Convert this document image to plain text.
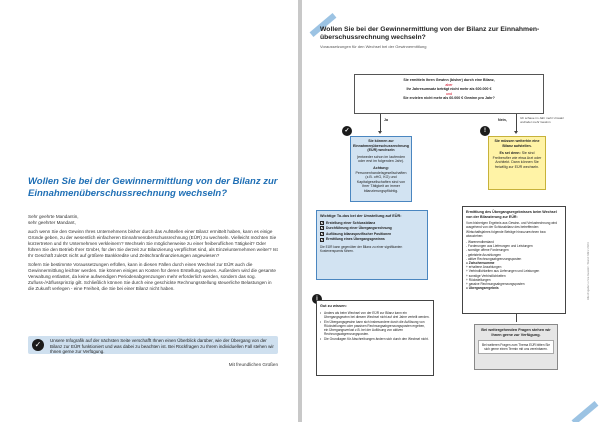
Wollen Sie bei der Gewinnermittlung von der Bilanz zur Einnahmenüberschussrechnung wechseln?

Sehr geehrte Mandantin,

sehr geehrter Mandant,

auch wenn Sie den Gewinn Ihres Unternehmens bisher durch das Aufstellen einer Bilanz ermittelt haben, kann es einige Gründe geben, zu der wesentlich einfacheren Einnahmenüberschussrechnung (EÜR) zu wechseln. Vielleicht möchten Sie kürzertreten und Ihr Unternehmen verkleinern? Wechseln Sie möglicherweise zu einer freiberuflichen Tätigkeit? Oder führen Sie den Betrieb Ihrer GmbH, für den Sie derzeit zur Bilanzierung verpflichtet sind, als Einzelunternehmen weiter? Ist Ihr Geschäft zuletzt nicht auf größere Bankkredite und Zeitschranfinanzierungen angewiesen?

Sofern Sie bestimmte Voraussetzungen erfüllen, kann in diesen Fällen durch einen Wechsel zur EÜR auch die Gewinnermittlung leichter werden. Sie können einiges an Kosten für deren Erstellung sparen. Außerdem wird die gesamte Verwaltung entlastet, da keine aufwendigen Periodenabgrenzungen mehr erforderlich werden, sondern das sog. Zufluss-/Abflussprinzip gilt. Schließlich können Sie durch eine geschickte Rechnungsstellung steuerliche Belastungen in die Zukunft verlegen - eine Freiheit, die Sie bei einer Bilanz nicht haben.

✓	Unsere Infografik auf der nächsten Seite verschafft Ihnen einen Überblick darüber, wie der Übergang von der Bilanz zur EÜR funktioniert und was dabei zu beachten ist. Bei Rückfragen zu Ihrem individuellen Fall stehen wir Ihnen gerne zur Verfügung.
Mit freundlichen Grüßen
Wollen Sie bei der Gewinnermittlung von der Bilanz zur Einnahmen-überschussrechnung wechseln?
Voraussetzungen für den Wechsel bei der Gewinnermittlung
Sie ermitteln Ihren Gewinn (bisher) durch eine Bilanz,
aber
Ihr Jahresumsatz beträgt nicht mehr als 600.000 €
und
Sie erzielen nicht mehr als 60.000 € Gewinn pro Jahr?
Ja	Nein,	Ich schaue im Jahr mehr Umsatz und/oder mehr Gewinn
✓	!
Sie können zur Einnahmenüberschussrechnung (EÜR) wechseln
(entweder schon im laufenden oder erst im folgenden Jahr).
Achtung: Personenhandelsgesellschaften (z.B. oHG, KG) und Kapitalgesellschaften sind von Ihrer Tätigkeit an immer bilanzierungspflichtig.
Sie müssen weiterhin eine Bilanz aufstellen.
Es sei denn: Sie sind Freiberufler wie etwa Arzt oder Architekt. Dann können Sie freiwillig zur EÜR wechseln.
Wichtige To-dos bei der Umstellung auf EÜR:
✓ Erstellung einer Schlussbilanz
✓ Durchführung einer Übergangsrechnung
✓ Auflösung bilanzspezifischer Positionen
✓ Ermittlung eines Übergangsgewinns
Die EÜR kann gegenüber der Bilanz zu einer signifikanten Kostenersparnis führen.
Ermittlung des Übergangsergebnisses beim Wechsel von der Bilanzierung zur EÜR:
Vom bisherigen Ergebnis aus Gewinn- und Verlustrechnung wird ausgehend von der Schlussbilanz des betreffenden Wirtschaftsjahres folgende Beträge hinzuzurechnen bzw. abzuziehen:
- Warenendbestand
- Forderungen aus Lieferungen und Leistungen
- sonstige offene Forderungen
- geleistete Anzahlungen
- aktive Rechnungsabgrenzungsposten
= Zwischensumme
+ erhaltene Anzahlungen
+ Verbindlichkeiten aus Lieferungen und Leistungen
+ sonstige Verbindlichkeiten
+ Rückstellungen
+ passive Rechnungsabgrenzungsposten
= Übergangsergebnis
i
Gut zu wissen:
• Anders als beim Wechsel von der EÜR zur Bilanz kann ein Übergangsgewinn bei diesem Wechsel nicht auf drei Jahre verteilt werden.
• Ein Übergangsgewinn kann sich insbesondere durch die Auflösung von Rückstellungen oder passiven Rechnungsabgrenzungsposten ergeben, ein Übergangsverlust z.B. bei der Auflösung von aktiven Rechnungsabgrenzungsposten.
• Die Grundlagen für Abschreibungen ändern sich durch den Wechsel nicht.
Bei weitergehenden Fragen stehen wir Ihnen gerne zur Verfügung.
Bei weiteren Fragen zum Thema EÜR bitten Sie sich gerne einen Termin mit uns vereinbaren.
Alle Angaben ohne Gewähr. Stand: März 2024
